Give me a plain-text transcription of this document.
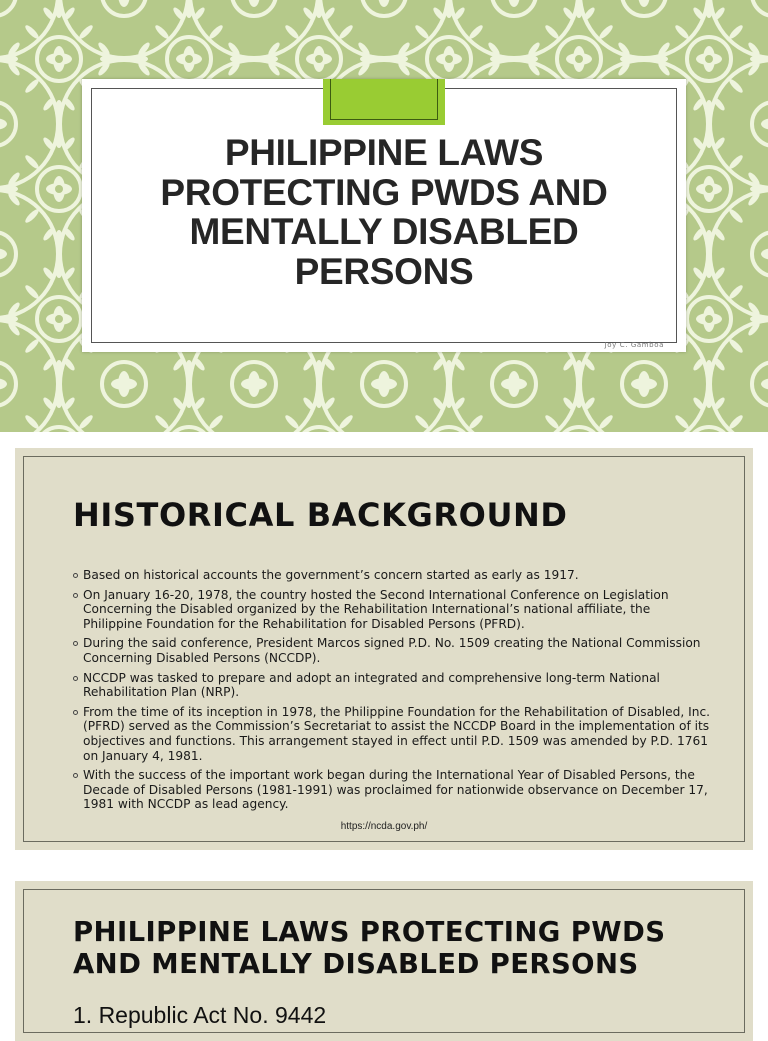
PHILIPPINE LAWS PROTECTING PWDS AND MENTALLY DISABLED PERSONS
Joy C. Gamboa
HISTORICAL BACKGROUND
Based on historical accounts the government’s concern started as early as 1917.
On January 16-20, 1978, the country hosted the Second International Conference on Legislation Concerning the Disabled organized by the Rehabilitation International’s national affiliate, the Philippine Foundation for the Rehabilitation for Disabled Persons (PFRD).
During the said conference, President Marcos signed P.D. No. 1509 creating the National Commission Concerning Disabled Persons (NCCDP).
NCCDP was tasked to prepare and adopt an integrated and comprehensive long-term National Rehabilitation Plan (NRP).
From the time of its inception in 1978, the Philippine Foundation for the Rehabilitation of Disabled, Inc. (PFRD) served as the Commission’s Secretariat to assist the NCCDP Board in the implementation of its objectives and functions. This arrangement stayed in effect until P.D. 1509 was amended by P.D. 1761 on January 4, 1981.
With the success of the important work began during the International Year of Disabled Persons, the Decade of Disabled Persons (1981-1991) was proclaimed for nationwide observance on December 17, 1981 with NCCDP as lead agency.
https://ncda.gov.ph/
PHILIPPINE LAWS PROTECTING PWDS AND MENTALLY DISABLED PERSONS
1. Republic Act No. 9442
